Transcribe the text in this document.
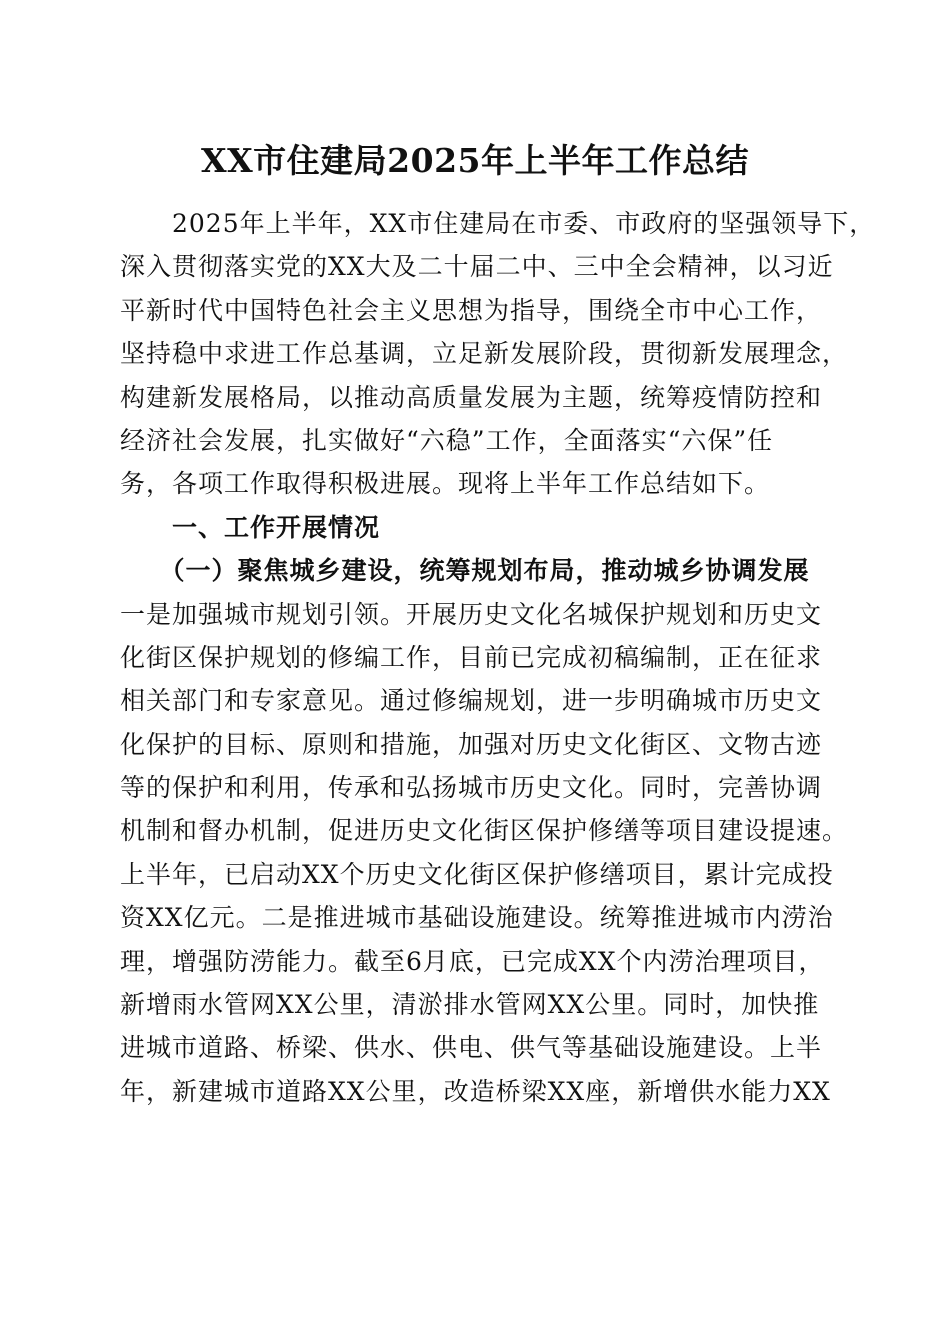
XX市住建局2025年上半年工作总结
　　2025年上半年，XX市住建局在市委、市政府的坚强领导下，
深入贯彻落实党的XX大及二十届二中、三中全会精神，以习近
平新时代中国特色社会主义思想为指导，围绕全市中心工作，
坚持稳中求进工作总基调，立足新发展阶段，贯彻新发展理念，
构建新发展格局，以推动高质量发展为主题，统筹疫情防控和
经济社会发展，扎实做好“六稳”工作，全面落实“六保”任
务，各项工作取得积极进展。现将上半年工作总结如下。
　　一、工作开展情况
　　（一）聚焦城乡建设，统筹规划布局，推动城乡协调发展
一是加强城市规划引领。开展历史文化名城保护规划和历史文
化街区保护规划的修编工作，目前已完成初稿编制，正在征求
相关部门和专家意见。通过修编规划，进一步明确城市历史文
化保护的目标、原则和措施，加强对历史文化街区、文物古迹
等的保护和利用，传承和弘扬城市历史文化。同时，完善协调
机制和督办机制，促进历史文化街区保护修缮等项目建设提速。
上半年，已启动XX个历史文化街区保护修缮项目，累计完成投
资XX亿元。二是推进城市基础设施建设。统筹推进城市内涝治
理，增强防涝能力。截至6月底，已完成XX个内涝治理项目，
新增雨水管网XX公里，清淤排水管网XX公里。同时，加快推
进城市道路、桥梁、供水、供电、供气等基础设施建设。上半
年，新建城市道路XX公里，改造桥梁XX座，新增供水能力XX
